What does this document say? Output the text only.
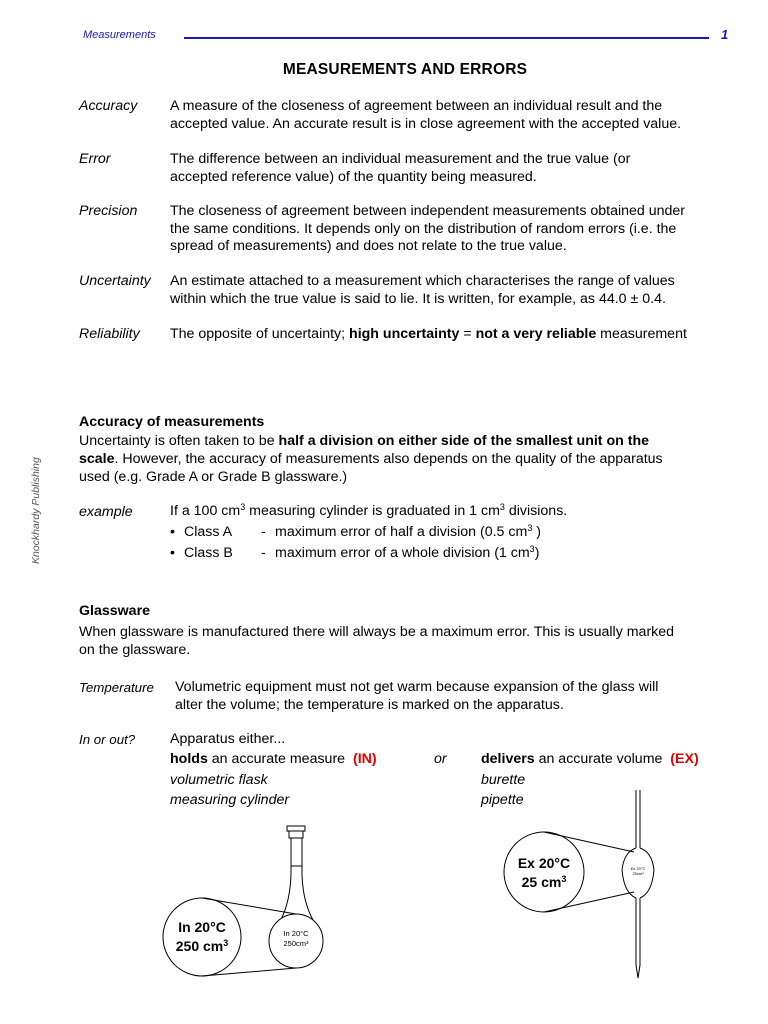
Measurements	1
MEASUREMENTS AND ERRORS
Knockhardy Publishing
Accuracy A measure of the closeness of agreement between an individual result and the
accepted value. An accurate result is in close agreement with the accepted value.
Error	The difference between an individual measurement and the true value (or
accepted reference value) of the quantity being measured.
Precision The closeness of agreement between independent measurements obtained under
the same conditions. It depends only on the distribution of random errors (i.e. the
spread of measurements) and does not relate to the true value.
Uncertainty An estimate attached to a measurement which characterises the range of values
within which the true value is said to lie. It is written, for example, as 44.0 ± 0.4.
Reliability The opposite of uncertainty; high uncertainty = not a very reliable measurement
Accuracy of measurements
Uncertainty is often taken to be half a division on either side of the smallest unit on the
scale. However, the accuracy of measurements also depends on the quality of the apparatus
used (e.g. Grade A or Grade B glassware.)
example	If a 100 $cm^3$ measuring cylinder is graduated in 1 $cm^3$ divisions.
• Class A - maximum error of half a division (0.5 $cm^3$ )
• Class B - maximum error of a whole division (1 $cm^3$)
Glassware
When glassware is manufactured there will always be a maximum error. This is usually marked
on the glassware.
Temperature Volumetric equipment must not get warm because expansion of the glass will
alter the volume; the temperature is marked on the apparatus.
In or out? Apparatus either...
holds an accurate measure (IN)	or delivers an accurate volume (EX)
volumetric flask
measuring cylinder
burette
pipette
In 20°C
250 $cm^3$
In 20°C
250cm³
Ex 20°C
25 $cm^3$
Ex 20°C
25cm³
